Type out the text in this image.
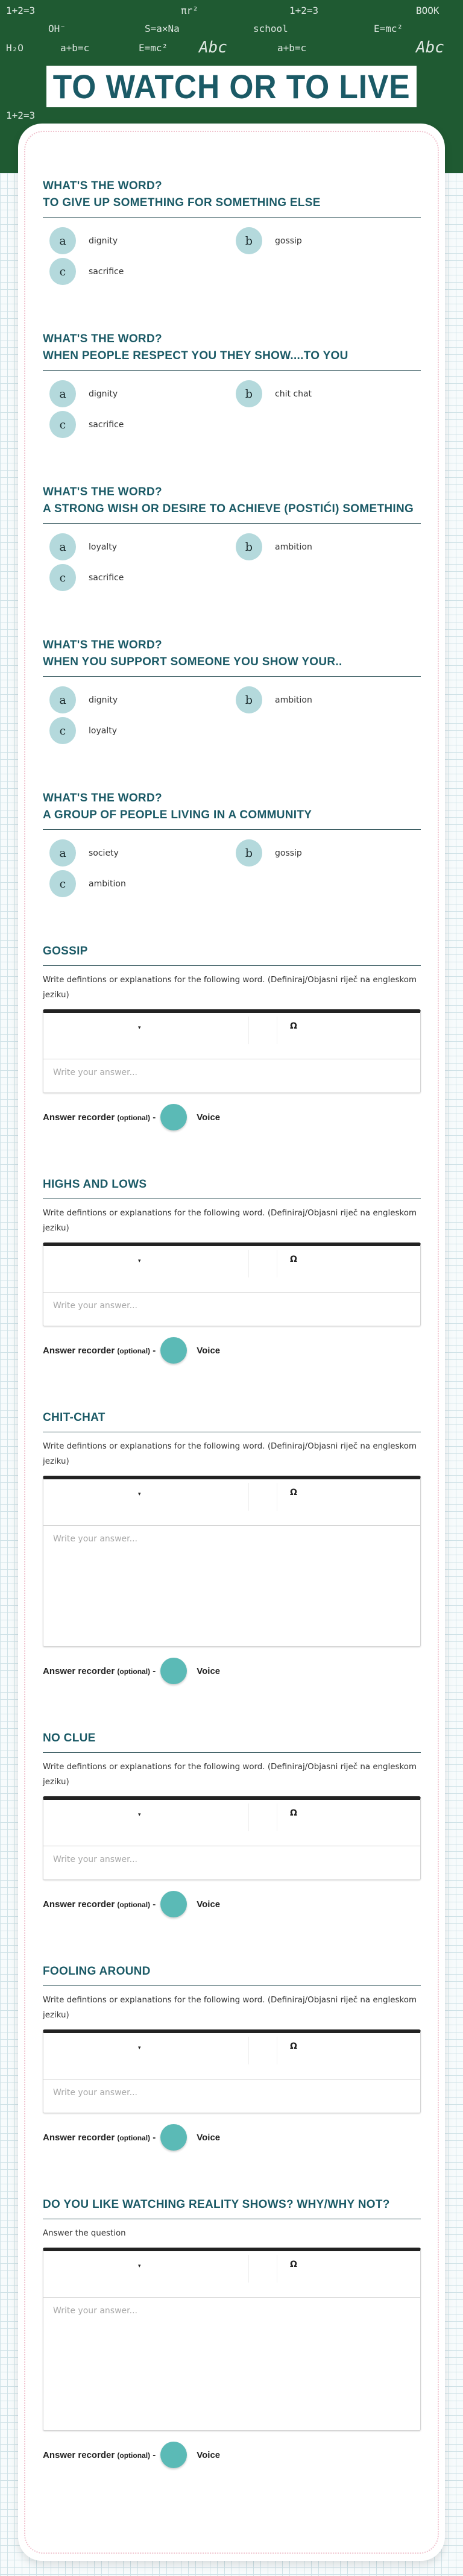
1+2=3	πr²	1+2=3	BOOK
OH⁻	S=a×Na	school	E=mc²
H₂O	a+b=c	E=mc² Abc	a+b=c	Abc
1+2=3
TO WATCH OR TO LIVE
WHAT'S THE WORD?
TO GIVE UP SOMETHING FOR SOMETHING ELSE
a	dignity	b	gossip
c	sacrifice
WHAT'S THE WORD?
WHEN PEOPLE RESPECT YOU THEY SHOW....TO YOU
a	dignity	b	chit chat
c	sacrifice
WHAT'S THE WORD?
A STRONG WISH OR DESIRE TO ACHIEVE (POSTIĆI) SOMETHING
a	loyalty	b	ambition
c	sacrifice
WHAT'S THE WORD?
WHEN YOU SUPPORT SOMEONE YOU SHOW YOUR..
a	dignity	b	ambition
c	loyalty
WHAT'S THE WORD?
A GROUP OF PEOPLE LIVING IN A COMMUNITY
a	society	b	gossip
c	ambition
GOSSIP
Write defintions or explanations for the following word. (Definiraj/Objasni riječ na engleskom jeziku)
▾	Ω
Write your answer...
Answer recorder (optional) -	Voice
HIGHS AND LOWS
Write defintions or explanations for the following word. (Definiraj/Objasni riječ na engleskom jeziku)
▾	Ω
Write your answer...
Answer recorder (optional) -	Voice
CHIT-CHAT
Write defintions or explanations for the following word. (Definiraj/Objasni riječ na engleskom jeziku)
▾	Ω
Write your answer...
Answer recorder (optional) -	Voice
NO CLUE
Write defintions or explanations for the following word. (Definiraj/Objasni riječ na engleskom jeziku)
▾	Ω
Write your answer...
Answer recorder (optional) -	Voice
FOOLING AROUND
Write defintions or explanations for the following word. (Definiraj/Objasni riječ na engleskom jeziku)
▾	Ω
Write your answer...
Answer recorder (optional) -	Voice
DO YOU LIKE WATCHING REALITY SHOWS? WHY/WHY NOT?
Answer the question
▾	Ω
Write your answer...
Answer recorder (optional) -	Voice
